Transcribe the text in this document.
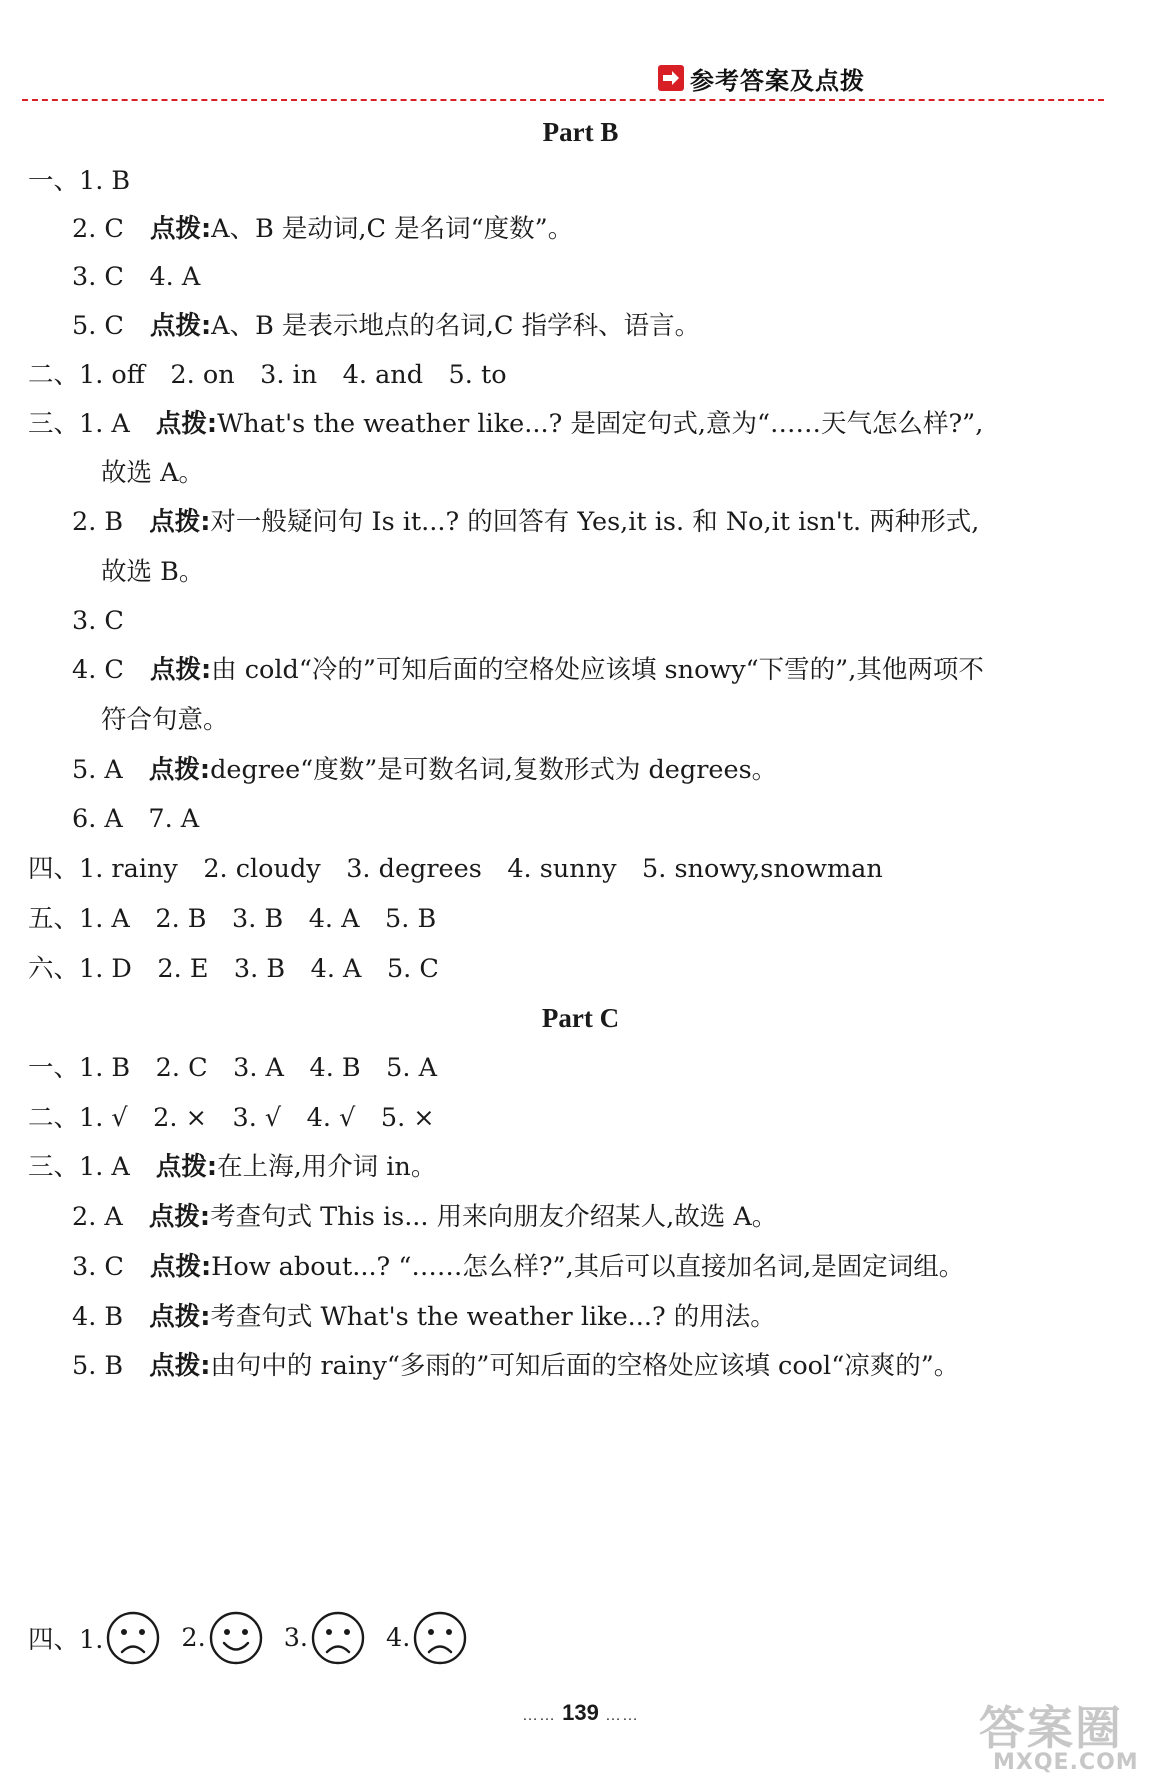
参考答案及点拨
Part B
一、1. B
2. C 点拨:A、B 是动词,C 是名词“度数”。
3. C　4. A
5. C 点拨:A、B 是表示地点的名词,C 指学科、语言。
二、1. off　2. on　3. in　4. and　5. to
三、1. A 点拨:What's the weather like...? 是固定句式,意为“……天气怎么样?”,
故选 A。
2. B 点拨:对一般疑问句 Is it...? 的回答有 Yes,it is. 和 No,it isn't. 两种形式,
故选 B。
3. C
4. C 点拨:由 cold“冷的”可知后面的空格处应该填 snowy“下雪的”,其他两项不
符合句意。
5. A 点拨:degree“度数”是可数名词,复数形式为 degrees。
6. A　7. A
四、1. rainy　2. cloudy　3. degrees　4. sunny　5. snowy,snowman
五、1. A　2. B　3. B　4. A　5. B
六、1. D　2. E　3. B　4. A　5. C
Part C
一、1. B　2. C　3. A　4. B　5. A
二、1. √　2. ×　3. √　4. √　5. ×
三、1. A 点拨:在上海,用介词 in。
2. A 点拨:考查句式 This is... 用来向朋友介绍某人,故选 A。
3. C 点拨:How about...? “……怎么样?”,其后可以直接加名词,是固定词组。
4. B 点拨:考查句式 What's the weather like...? 的用法。
5. B 点拨:由句中的 rainy“多雨的”可知后面的空格处应该填 cool“凉爽的”。
四、1.	2.	3.	4.
…… 139 ……	答案圈
MXQE.COM
